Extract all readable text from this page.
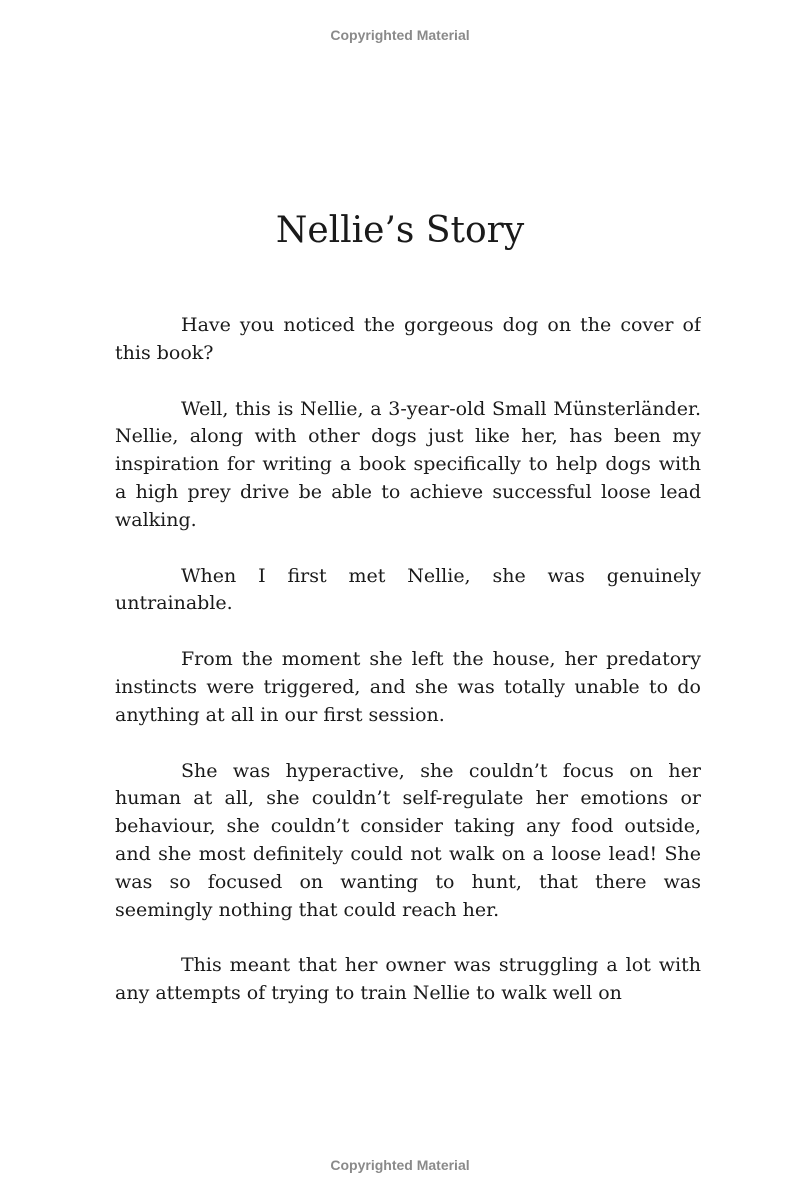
Copyrighted Material
Nellie’s Story

Have you noticed the gorgeous dog on the cover of this book?

Well, this is Nellie, a 3-year-old Small Münsterländer. Nellie, along with other dogs just like her, has been my inspiration for writing a book specifically to help dogs with a high prey drive be able to achieve successful loose lead walking.

When I first met Nellie, she was genuinely untrainable.

From the moment she left the house, her predatory instincts were triggered, and she was totally unable to do anything at all in our first session.

She was hyperactive, she couldn’t focus on her human at all, she couldn’t self-regulate her emotions or behaviour, she couldn’t consider taking any food outside, and she most definitely could not walk on a loose lead! She was so focused on wanting to hunt, that there was seemingly nothing that could reach her.

This meant that her owner was struggling a lot with any attempts of trying to train Nellie to walk well on

Copyrighted Material
